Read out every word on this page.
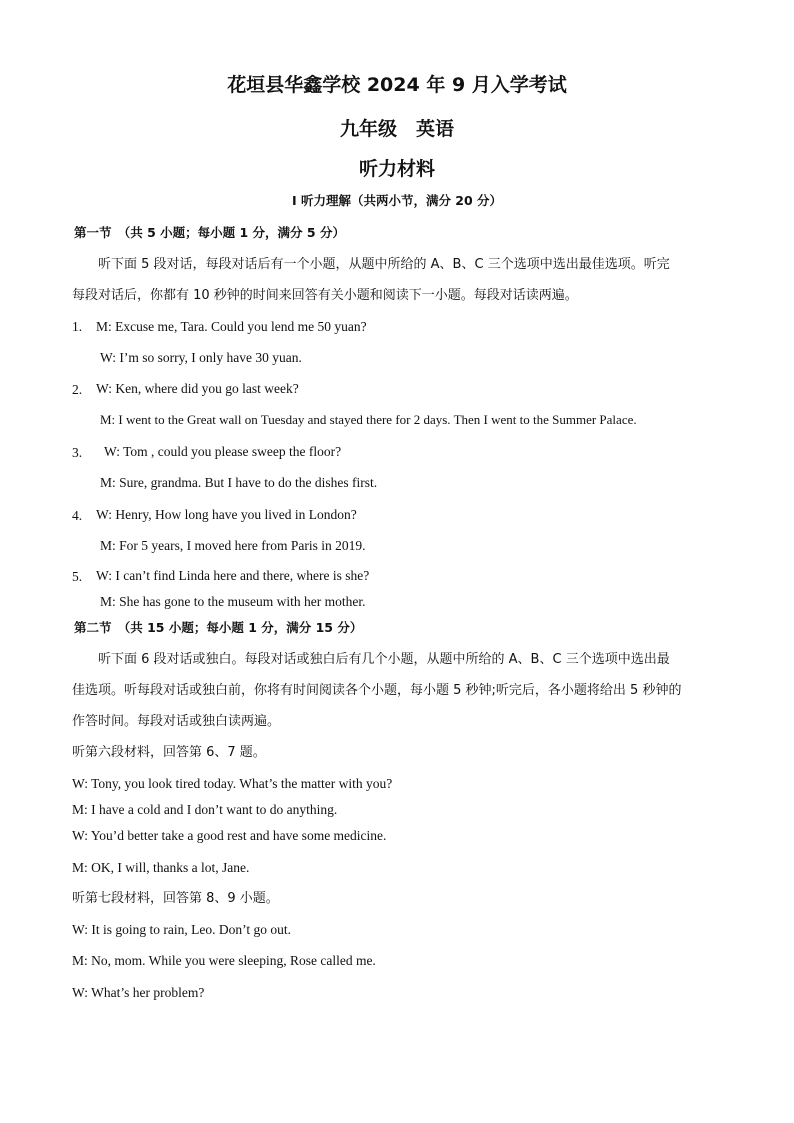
花垣县华鑫学校 2024 年 9 月入学考试
九年级　英语
听力材料
Ⅰ 听力理解（共两小节，满分 20 分）
第一节　（共 5 小题；每小题 1 分，满分 5 分）
听下面 5 段对话，每段对话后有一个小题，从题中所给的 A、B、C 三个选项中选出最佳选项。听完
每段对话后，你都有 10 秒钟的时间来回答有关小题和阅读下一小题。每段对话读两遍。
1. M: Excuse me, Tara. Could you lend me 50 yuan?
W: I’m so sorry, I only have 30 yuan.
2. W: Ken, where did you go last week?
M: I went to the Great wall on Tuesday and stayed there for 2 days. Then I went to the Summer Palace.
3. W: Tom , could you please sweep the floor?
M: Sure, grandma. But I have to do the dishes first.
4. W: Henry, How long have you lived in London?
M: For 5 years, I moved here from Paris in 2019.
5. W: I can’t find Linda here and there, where is she?
M: She has gone to the museum with her mother.
第二节　（共 15 小题；每小题 1 分，满分 15 分）
听下面 6 段对话或独白。每段对话或独白后有几个小题，从题中所给的 A、B、C 三个选项中选出最
佳选项。听每段对话或独白前，你将有时间阅读各个小题，每小题 5 秒钟;听完后，各小题将给出 5 秒钟的
作答时间。每段对话或独白读两遍。
听第六段材料，回答第 6、7 题。
W: Tony, you look tired today. What’s the matter with you?
M: I have a cold and I don’t want to do anything.
W: You’d better take a good rest and have some medicine.
M: OK, I will, thanks a lot, Jane.
听第七段材料，回答第 8、9 小题。
W: It is going to rain, Leo. Don’t go out.
M: No, mom. While you were sleeping, Rose called me.
W: What’s her problem?
